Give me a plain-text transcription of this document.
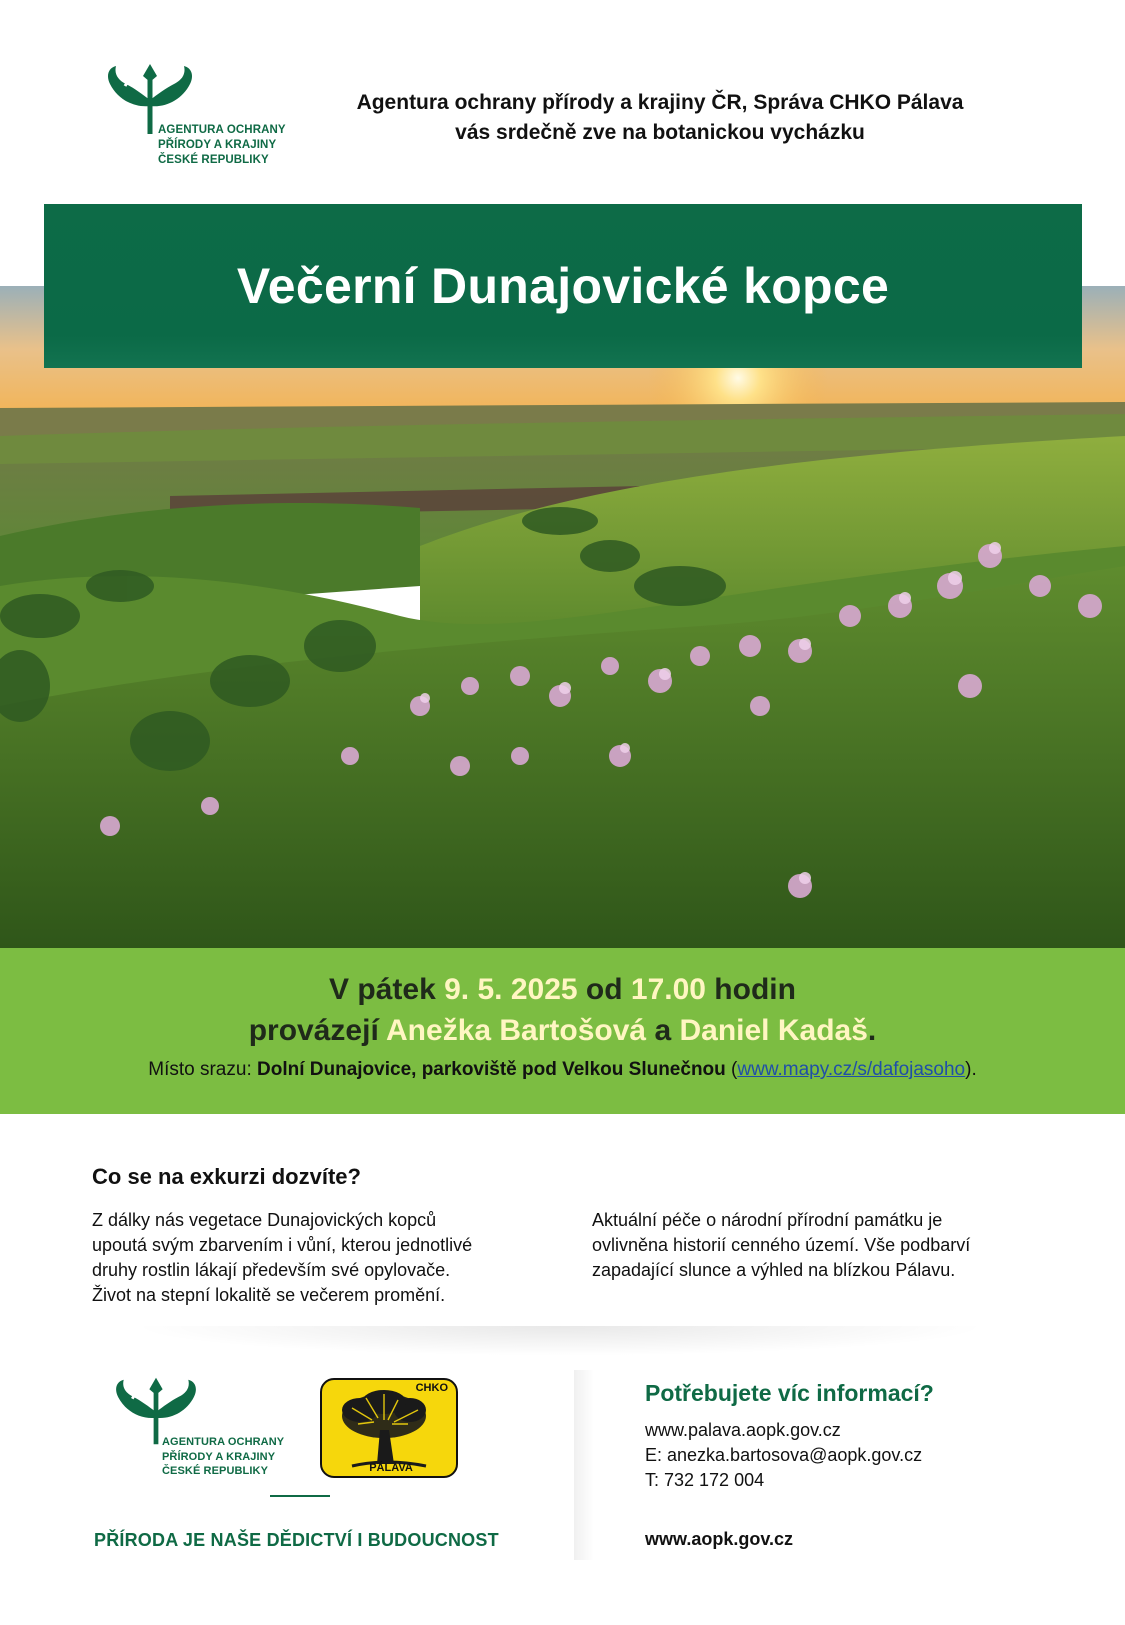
AGENTURA OCHRANY
PŘÍRODY A KRAJINY
ČESKÉ REPUBLIKY
Agentura ochrany přírody a krajiny ČR, Správa CHKO Pálava
vás srdečně zve na botanickou vycházku
Večerní Dunajovické kopce
V pátek 9. 5. 2025 od 17.00 hodin
provázejí Anežka Bartošová a Daniel Kadaš.
Místo srazu: Dolní Dunajovice, parkoviště pod Velkou Slunečnou (www.mapy.cz/s/dafojasoho).
Co se na exkurzi dozvíte?
Z dálky nás vegetace Dunajovických kopců
upoutá svým zbarvením i vůní, kterou jednotlivé
druhy rostlin lákají především své opylovače.
Život na stepní lokalitě se večerem promění.
Aktuální péče o národní přírodní památku je
ovlivněna historií cenného území. Vše podbarví
zapadající slunce a výhled na blízkou Pálavu.
AGENTURA OCHRANY
PŘÍRODY A KRAJINY
ČESKÉ REPUBLIKY
CHKO
PÁLAVA
PŘÍRODA JE NAŠE DĚDICTVÍ I BUDOUCNOST
Potřebujete víc informací?
www.palava.aopk.gov.cz
E: anezka.bartosova@aopk.gov.cz
T: 732 172 004
www.aopk.gov.cz
